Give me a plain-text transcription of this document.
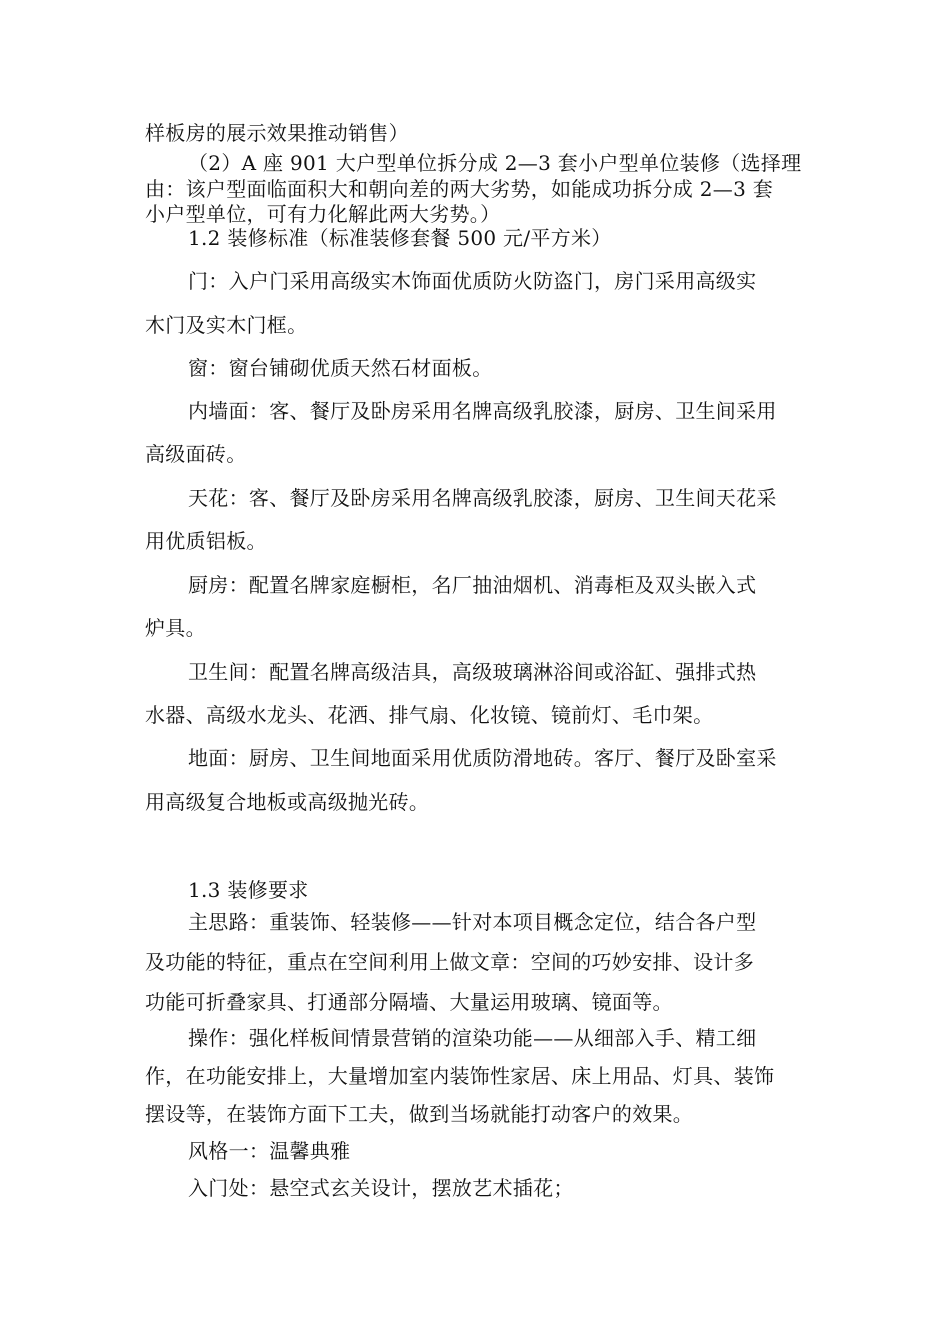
样板房的展示效果推动销售）
（2）A 座 901 大户型单位拆分成 2—3 套小户型单位装修（选择理
由：该户型面临面积大和朝向差的两大劣势，如能成功拆分成 2—3 套
小户型单位，可有力化解此两大劣势。）
1.2 装修标准（标准装修套餐 500 元/平方米）
门：入户门采用高级实木饰面优质防火防盗门，房门采用高级实
木门及实木门框。
窗：窗台铺砌优质天然石材面板。
内墙面：客、餐厅及卧房采用名牌高级乳胶漆，厨房、卫生间采用
高级面砖。
天花：客、餐厅及卧房采用名牌高级乳胶漆，厨房、卫生间天花采
用优质铝板。
厨房：配置名牌家庭橱柜，名厂抽油烟机、消毒柜及双头嵌入式
炉具。
卫生间：配置名牌高级洁具，高级玻璃淋浴间或浴缸、强排式热
水器、高级水龙头、花洒、排气扇、化妆镜、镜前灯、毛巾架。
地面：厨房、卫生间地面采用优质防滑地砖。客厅、餐厅及卧室采
用高级复合地板或高级抛光砖。
1.3 装修要求
主思路：重装饰、轻装修——针对本项目概念定位，结合各户型
及功能的特征，重点在空间利用上做文章：空间的巧妙安排、设计多
功能可折叠家具、打通部分隔墙、大量运用玻璃、镜面等。
操作：强化样板间情景营销的渲染功能——从细部入手、精工细
作，在功能安排上，大量增加室内装饰性家居、床上用品、灯具、装饰
摆设等，在装饰方面下工夫，做到当场就能打动客户的效果。
风格一：温馨典雅
入门处：悬空式玄关设计，摆放艺术插花；
